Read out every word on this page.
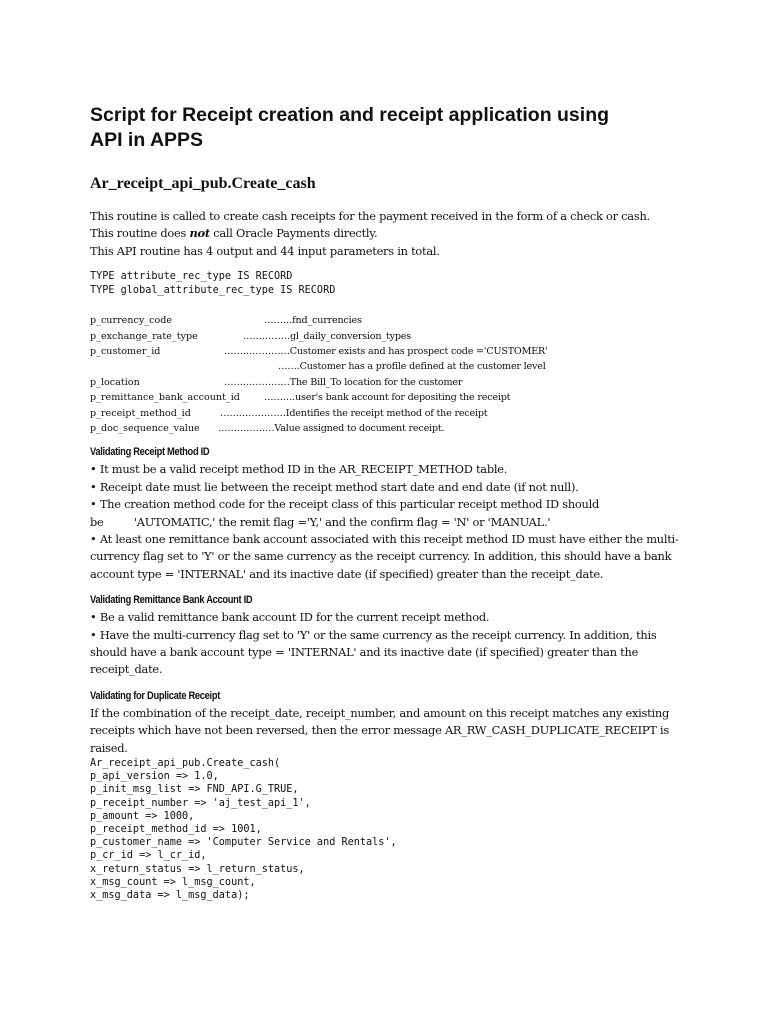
Script for Receipt creation and receipt application using
API in APPS
Ar_receipt_api_pub.Create_cash
This routine is called to create cash receipts for the payment received in the form of a check or cash.
This routine does not call Oracle Payments directly.
This API routine has 4 output and 44 input parameters in total.
TYPE attribute_rec_type IS RECORD
TYPE global_attribute_rec_type IS RECORD
p_currency_code	………fnd_currencies
p_exchange_rate_type	……………gl_daily_conversion_types
p_customer_id	…………………Customer exists and has prospect code ='CUSTOMER'
…….Customer has a profile defined at the customer level
p_location	…………………The Bill_To location for the customer
p_remittance_bank_account_id	……….user's bank account for depositing the receipt
p_receipt_method_id	…………………Identifies the receipt method of the receipt
p_doc_sequence_value ………………Value assigned to document receipt.
Validating Receipt Method ID
• It must be a valid receipt method ID in the AR_RECEIPT_METHOD table.
• Receipt date must lie between the receipt method start date and end date (if not null).
• The creation method code for the receipt class of this particular receipt method ID should
be         'AUTOMATIC,' the remit flag ='Y,' and the confirm flag = 'N' or 'MANUAL.'
• At least one remittance bank account associated with this receipt method ID must have either the multi-
currency flag set to 'Y' or the same currency as the receipt currency. In addition, this should have a bank
account type = 'INTERNAL' and its inactive date (if specified) greater than the receipt_date.
Validating Remittance Bank Account ID
• Be a valid remittance bank account ID for the current receipt method.
• Have the multi-currency flag set to 'Y' or the same currency as the receipt currency. In addition, this
should have a bank account type = 'INTERNAL' and its inactive date (if specified) greater than the
receipt_date.
Validating for Duplicate Receipt
If the combination of the receipt_date, receipt_number, and amount on this receipt matches any existing
receipts which have not been reversed, then the error message AR_RW_CASH_DUPLICATE_RECEIPT is
raised.
Ar_receipt_api_pub.Create_cash(
p_api_version => 1.0,
p_init_msg_list => FND_API.G_TRUE,
p_receipt_number => 'aj_test_api_1',
p_amount => 1000,
p_receipt_method_id => 1001,
p_customer_name => 'Computer Service and Rentals',
p_cr_id => l_cr_id,
x_return_status => l_return_status,
x_msg_count => l_msg_count,
x_msg_data => l_msg_data);
